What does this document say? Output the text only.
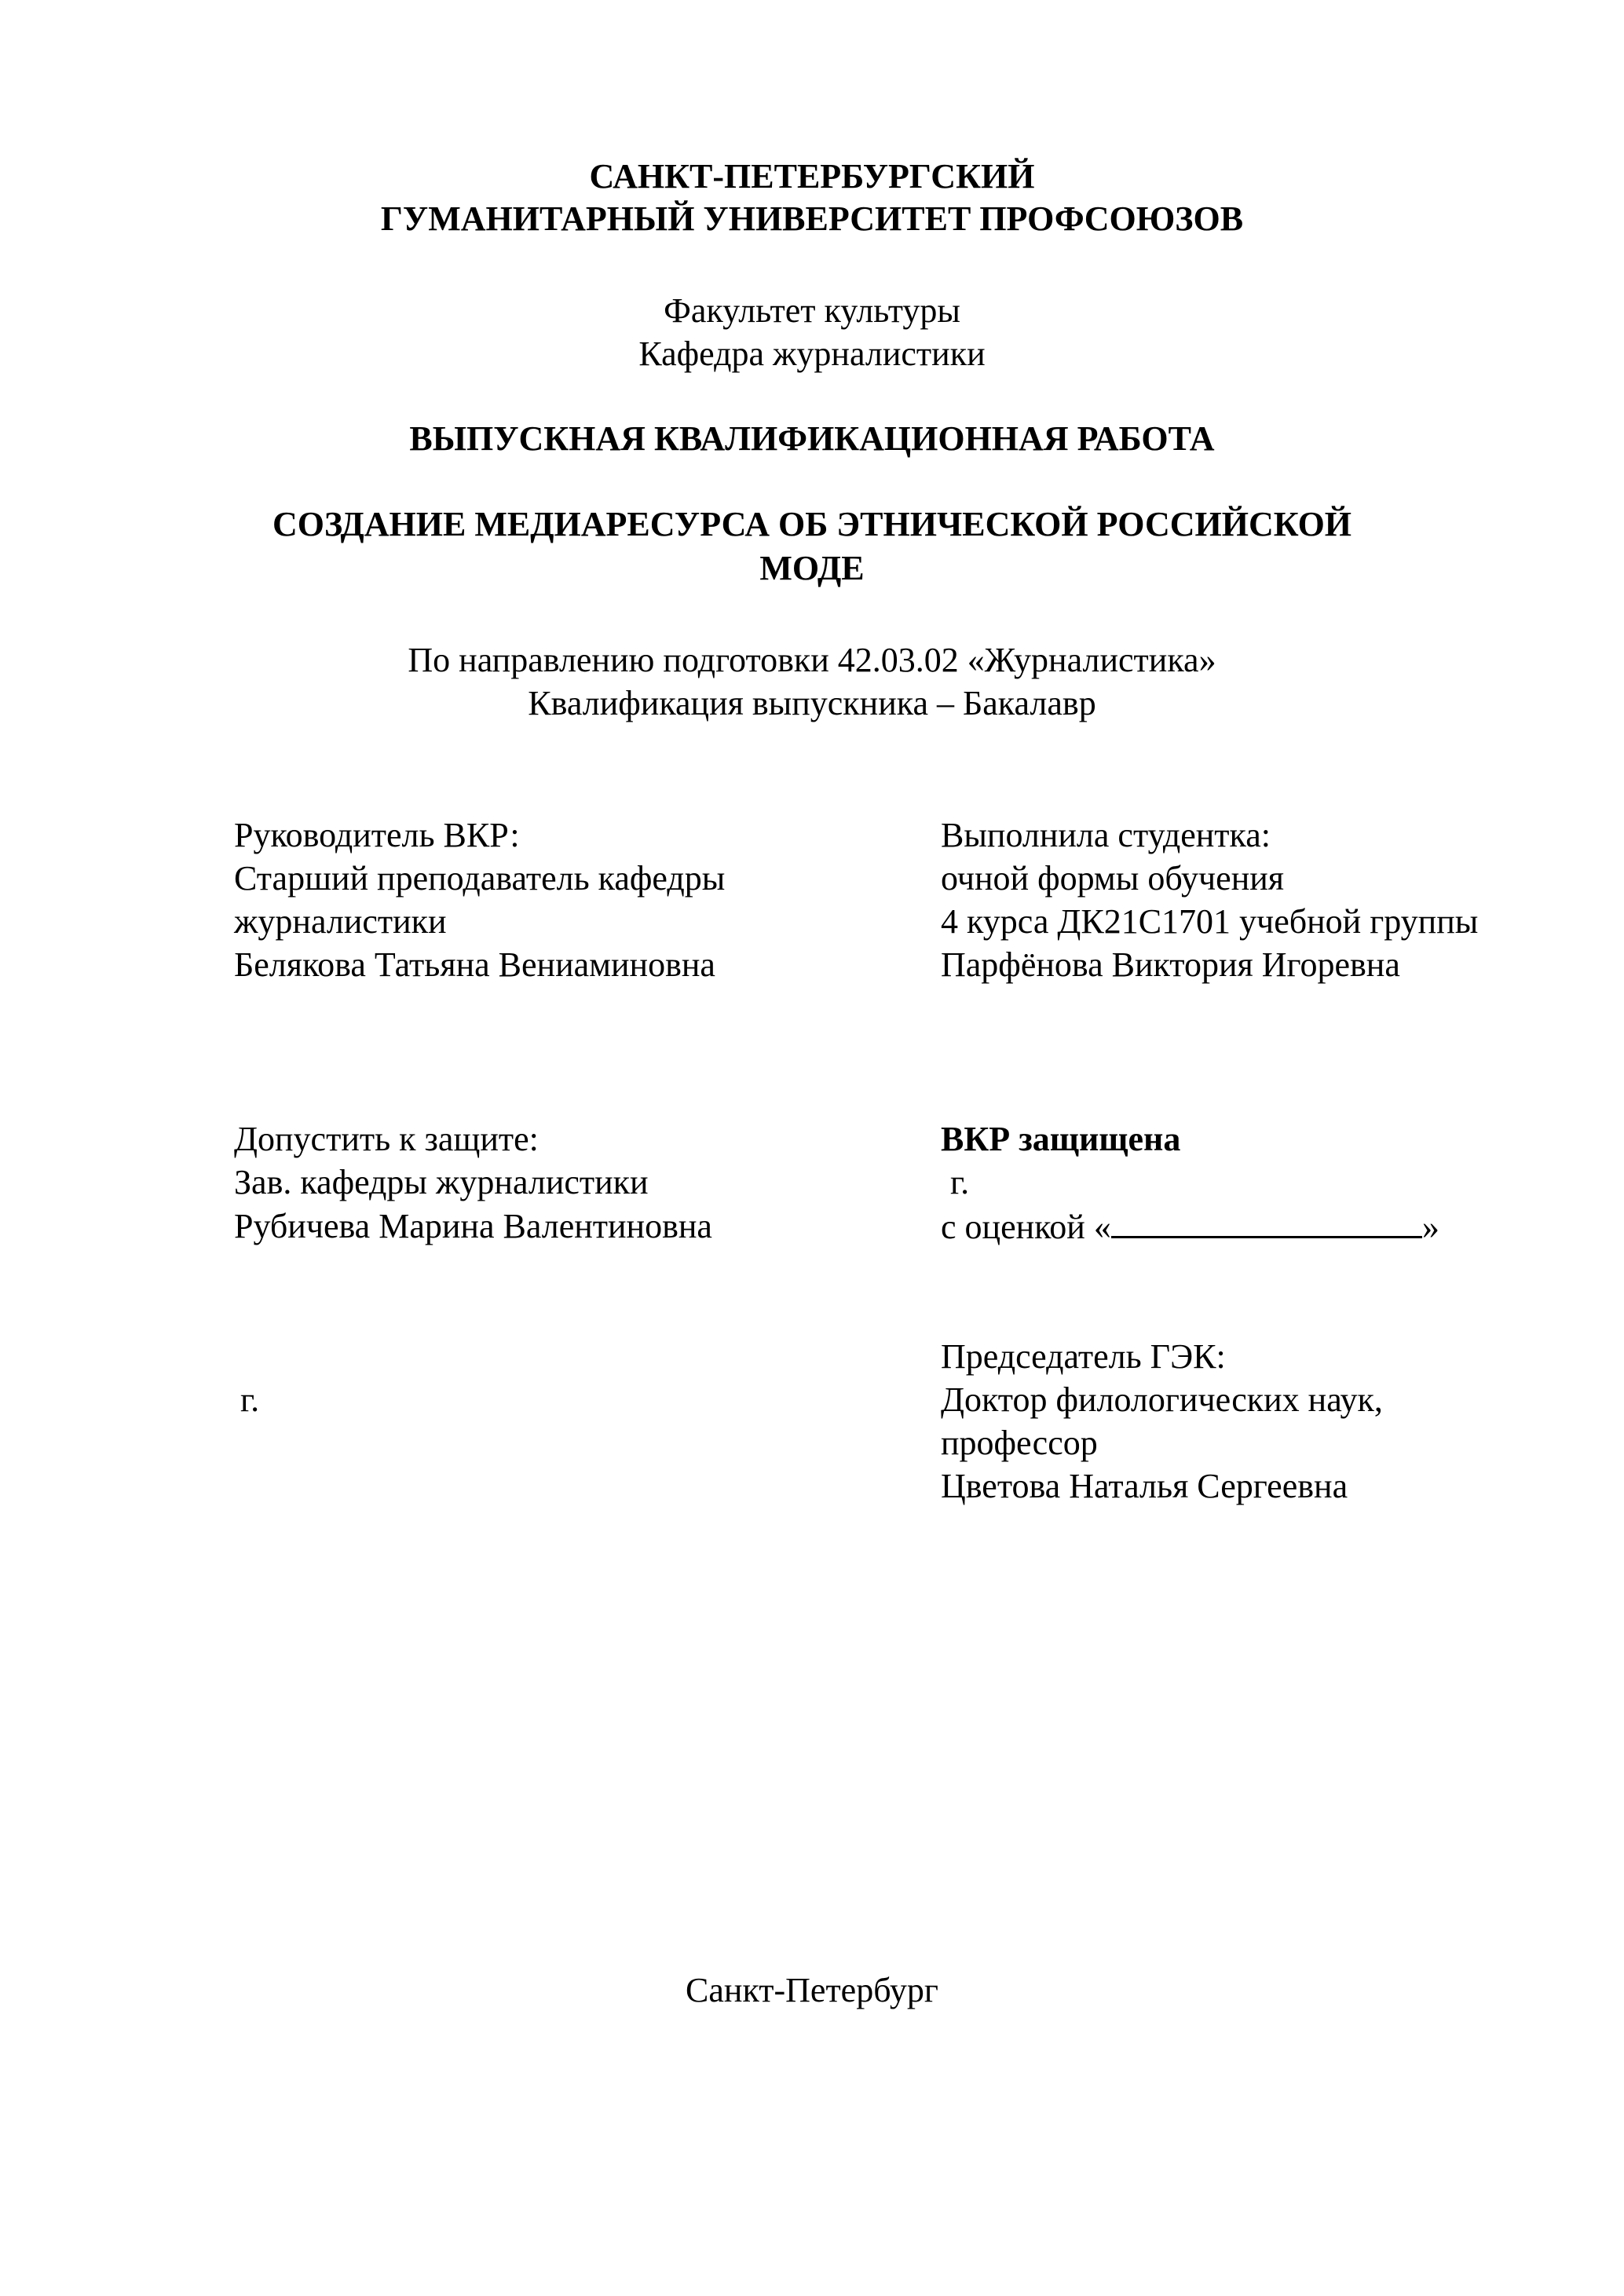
САНКТ-ПЕТЕРБУРГСКИЙ
ГУМАНИТАРНЫЙ УНИВЕРСИТЕТ ПРОФСОЮЗОВ
Факультет культуры
Кафедра журналистики
ВЫПУСКНАЯ КВАЛИФИКАЦИОННАЯ РАБОТА
СОЗДАНИЕ МЕДИАРЕСУРСА ОБ ЭТНИЧЕСКОЙ РОССИЙСКОЙ
МОДЕ
По направлению подготовки 42.03.02 «Журналистика»
Квалификация выпускника – Бакалавр
Руководитель ВКР:
Старший преподаватель кафедры
журналистики
Белякова Татьяна Вениаминовна
Выполнила студентка:
очной формы обучения
4 курса ДК21С1701 учебной группы
Парфёнова Виктория Игоревна
Допустить к защите:
Зав. кафедры журналистики
Рубичева Марина Валентиновна
г.
ВКР защищена
г.
с оценкой «	»
Председатель ГЭК:
Доктор филологических наук,
профессор
Цветова Наталья Сергеевна
Санкт-Петербург
